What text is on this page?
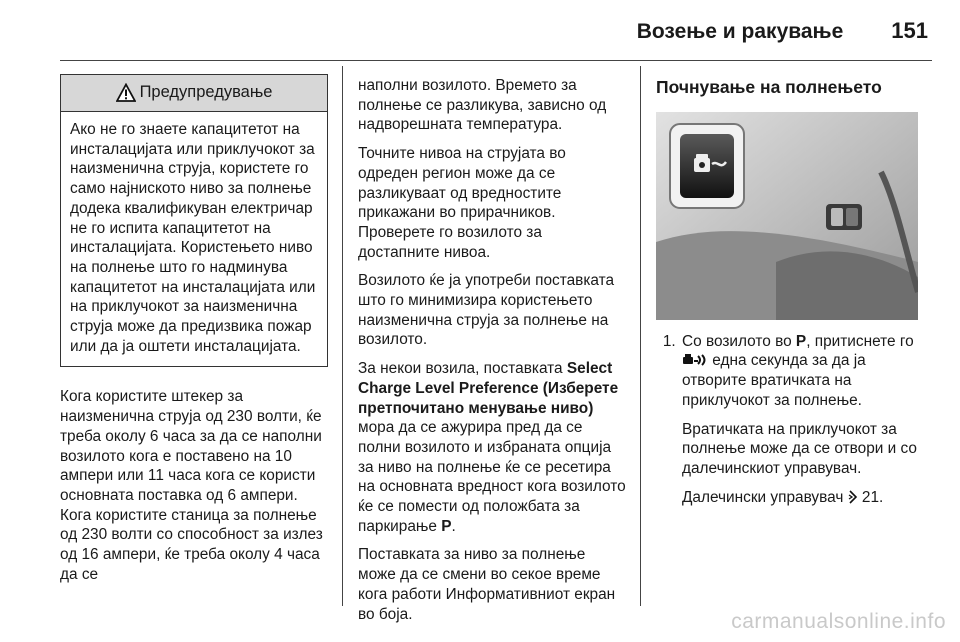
Возење и ракување 151
Предупредување
Ако не го знаете капацитетот на инсталацијата или приклучокот за наизменична струја, користете го само најниското ниво за полнење додека квалификуван електричар не го испита капацитетот на инсталацијата. Користењето ниво на полнење што го надминува капацитетот на инсталацијата или на приклучокот за наизменична струја може да предизвика пожар или да ја оштети инсталацијата.

Кога користите штекер за наизменична струја од 230 волти, ќе треба околу 6 часа за да се наполни возилото кога е поставено на 10 ампери или 11 часа кога се користи основната поставка од 6 ампери. Кога користите станица за полнење од 230 волти со способност за излез од 16 ампери, ќе треба околу 4 часа да се

наполни возилото. Времето за полнење се разликува, зависно од надворешната температура.

Точните нивоа на струјата во одреден регион може да се разликуваат од вредностите прикажани во прирачников. Проверете го возилото за достапните нивоа.

Возилото ќе ја употреби поставката што го минимизира користењето наизменична струја за полнење на возилото.

За некои возила, поставката Select Charge Level Preference (Изберете претпочитано менување ниво) мора да се ажурира пред да се полни возилото и избраната опција за ниво на полнење ќе се ресетира на основната вредност кога возилото ќе се помести од положбата за паркирање P.

Поставката за ниво за полнење може да се смени во секое време кога работи Информативниот екран во боја.

Почнување на полнењето

1. Со возилото во P, притиснете го
една секунда за да ја отворите вратичката на приклучокот за полнење.

Вратичката на приклучокот за полнење може да се отвори и со далечинскиот управувач.

Далечински управувач  21.

carmanualsonline.info
